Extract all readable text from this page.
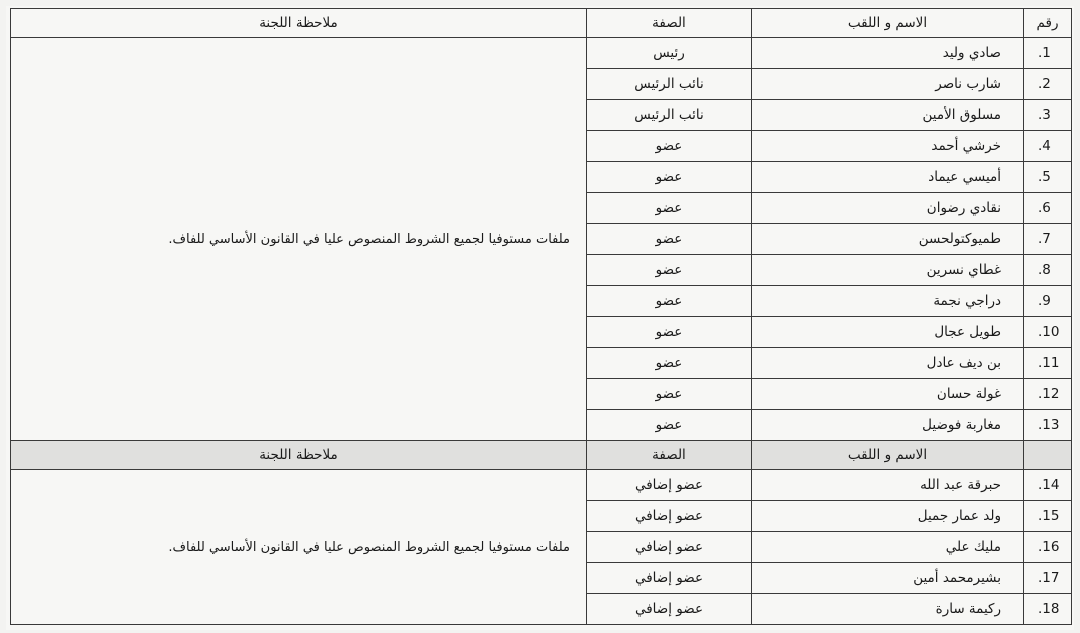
رقم	الاسم و اللقب	الصفة	ملاحظة اللجنة
.1	صادي وليد	رئيس	ملفات مستوفيا لجميع الشروط المنصوص عليا في القانون الأساسي للفاف.
.2	شارب ناصر	نائب الرئيس	
.3	مسلوق الأمين	نائب الرئيس	
.4	خرشي أحمد	عضو	
.5	أميسي عيماد	عضو	
.6	نقادي رضوان	عضو	
.7	طميوكتولحسن	عضو	
.8	غطاي نسرين	عضو	
.9	دراجي نجمة	عضو	
.10	طويل عجال	عضو	
.11	بن ديف عادل	عضو	
.12	غولة حسان	عضو	
.13	مغاربة فوضيل	عضو	
	الاسم و اللقب	الصفة	ملاحظة اللجنة
.14	حبرقة عبد الله	عضو إضافي	ملفات مستوفيا لجميع الشروط المنصوص عليا في القانون الأساسي للفاف.
.15	ولد عمار جميل	عضو إضافي	
.16	مليك علي	عضو إضافي	
.17	بشيرمحمد أمين	عضو إضافي	
.18	ركيمة سارة	عضو إضافي	
